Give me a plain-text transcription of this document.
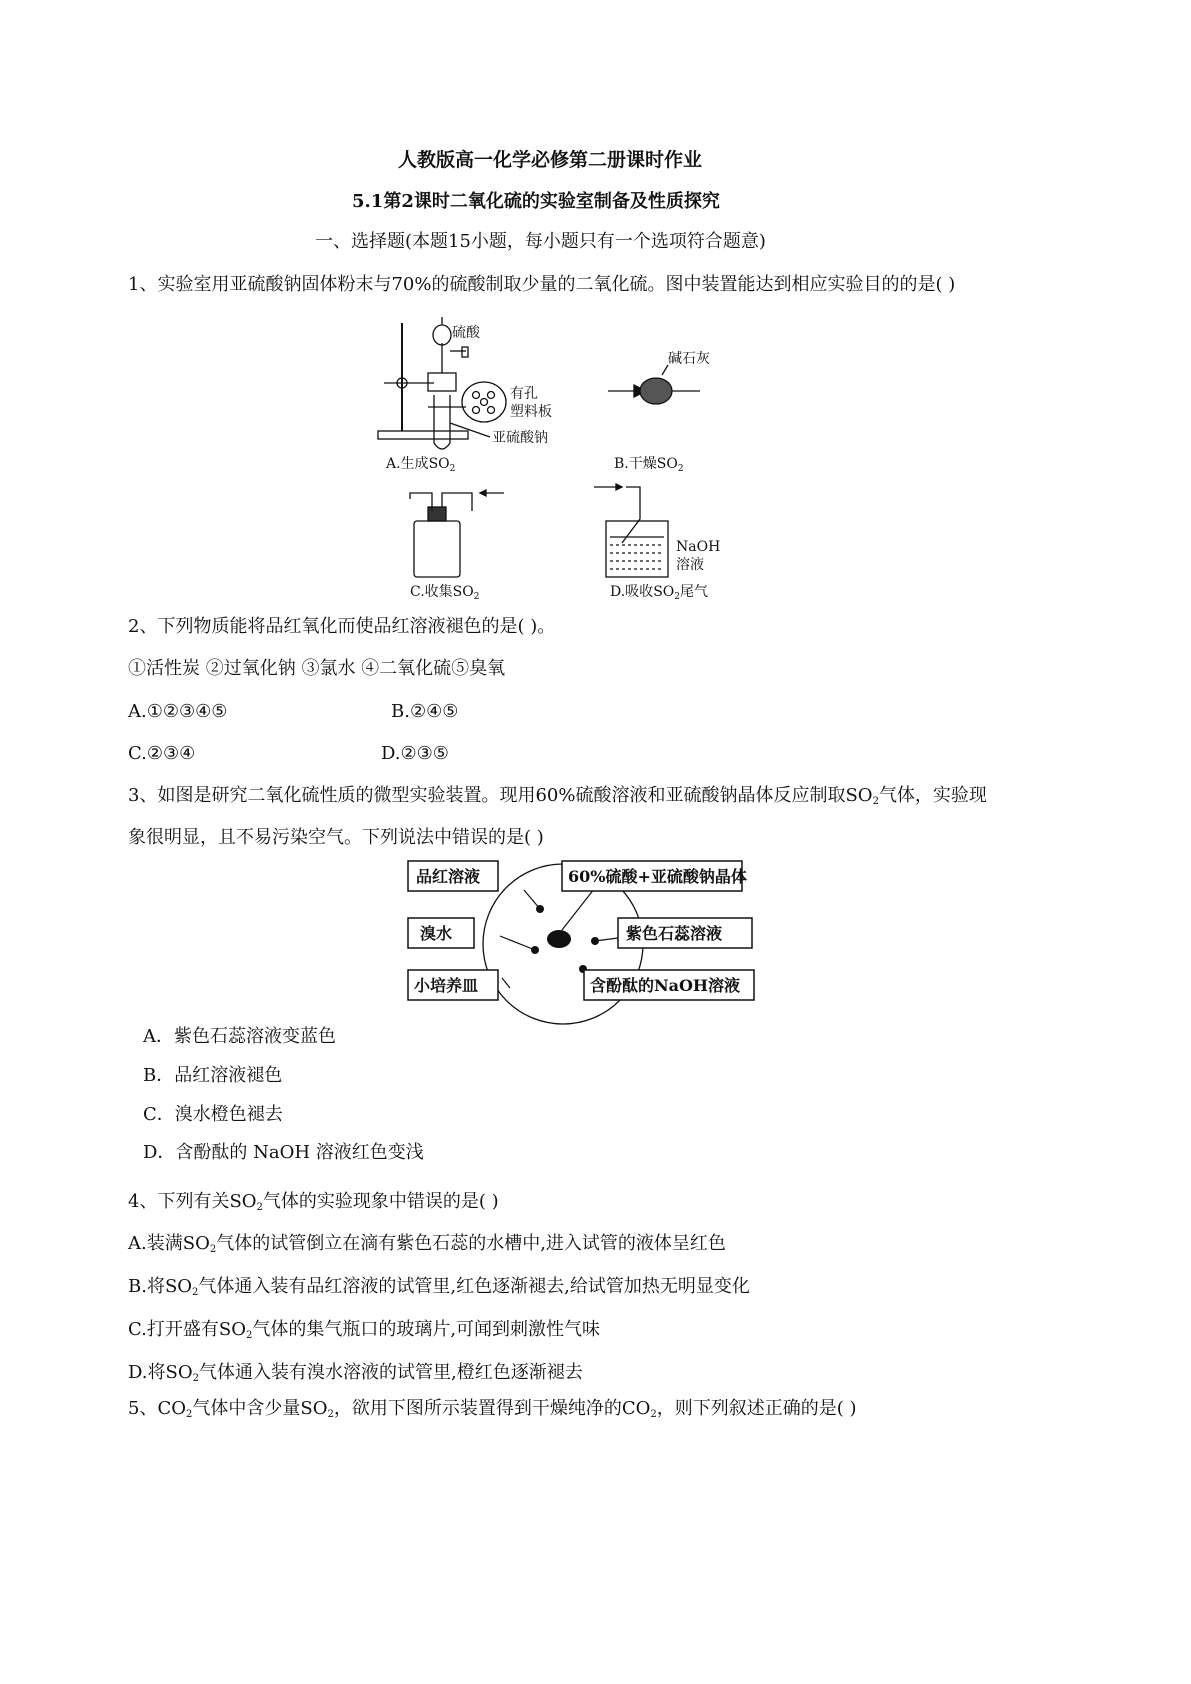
人教版高一化学必修第二册课时作业
5.1第2课时二氧化硫的实验室制备及性质探究
一、选择题(本题15小题，每小题只有一个选项符合题意)
1、实验室用亚硫酸钠固体粉末与70%的硫酸制取少量的二氧化硫。图中装置能达到相应实验目的的是( )
硫酸
有孔
塑料板
亚硫酸钠
A.生成$SO_2$
碱石灰
B.干燥$SO_2$
C.收集$SO_2$
NaOH
溶液
D.吸收$SO_2$尾气
2、下列物质能将品红氧化而使品红溶液褪色的是( )。
①活性炭 ②过氧化钠 ③氯水 ④二氧化硫⑤臭氧
A.①②③④⑤	B.②④⑤
C.②③④	D.②③⑤
3、如图是研究二氧化硫性质的微型实验装置。现用60%硫酸溶液和亚硫酸钠晶体反应制取$SO_2$气体，实验现
象很明显，且不易污染空气。下列说法中错误的是( )
品红溶液	60%硫酸+亚硫酸钠晶体
溴水	紫色石蕊溶液
小培养皿	含酚酞的NaOH溶液
A．紫色石蕊溶液变蓝色
B．品红溶液褪色
C．溴水橙色褪去
D．含酚酞的 NaOH 溶液红色变浅
4、下列有关$SO_2$气体的实验现象中错误的是( )
A.装满$SO_2$气体的试管倒立在滴有紫色石蕊的水槽中,进入试管的液体呈红色
B.将$SO_2$气体通入装有品红溶液的试管里,红色逐渐褪去,给试管加热无明显变化
C.打开盛有$SO_2$气体的集气瓶口的玻璃片,可闻到刺激性气味
D.将$SO_2$气体通入装有溴水溶液的试管里,橙红色逐渐褪去
5、$CO_2$气体中含少量$SO_2$，欲用下图所示装置得到干燥纯净的$CO_2$，则下列叙述正确的是( )
